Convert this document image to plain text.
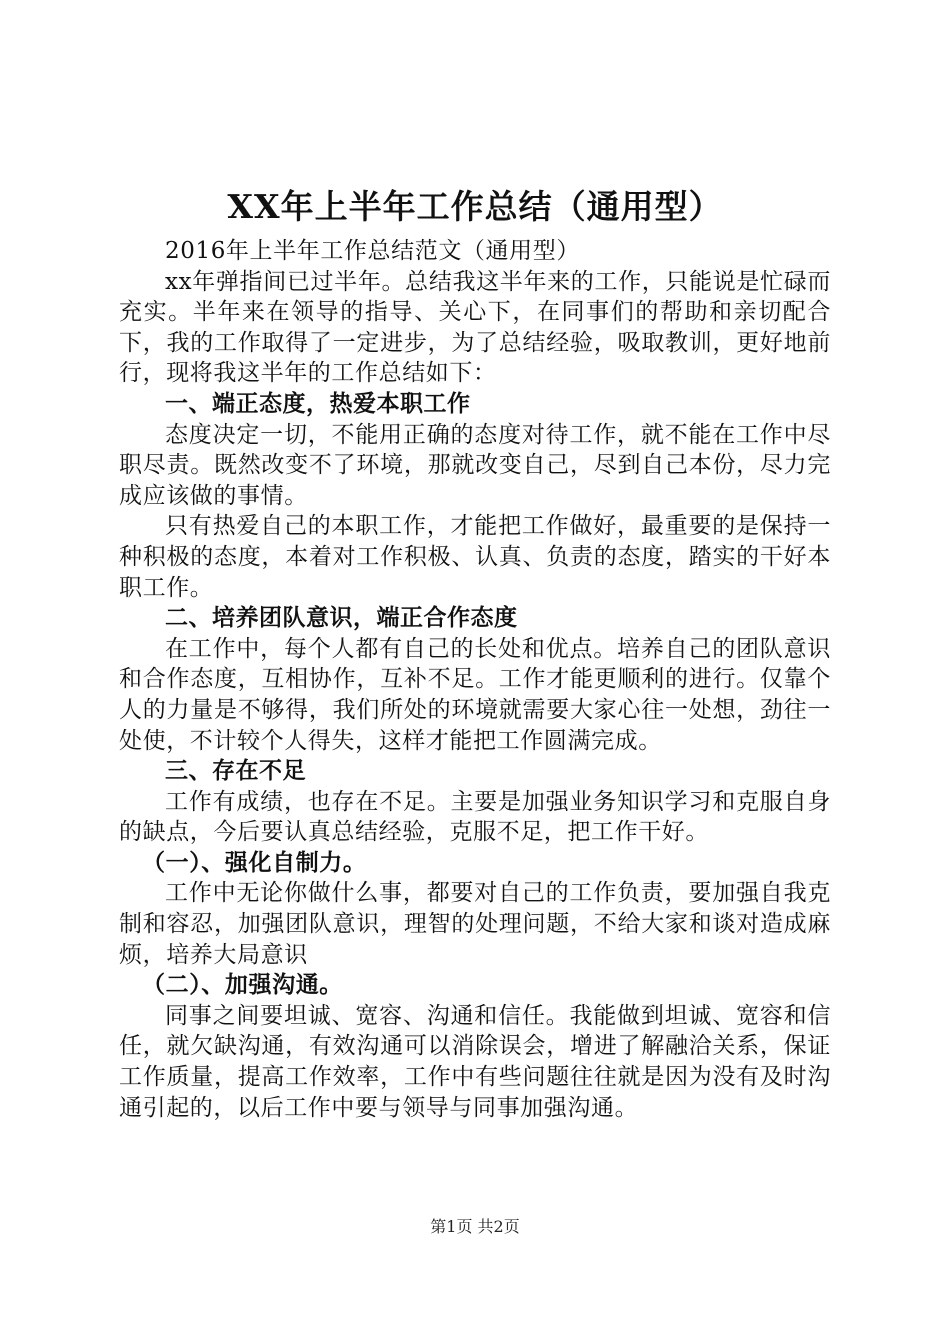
XX年上半年工作总结（通用型）

2016年上半年工作总结范文（通用型）

xx年弹指间已过半年。总结我这半年来的工作，只能说是忙碌而充实。半年来在领导的指导、关心下，在同事们的帮助和亲切配合下，我的工作取得了一定进步，为了总结经验，吸取教训，更好地前行，现将我这半年的工作总结如下：

一、端正态度，热爱本职工作

态度决定一切，不能用正确的态度对待工作，就不能在工作中尽职尽责。既然改变不了环境，那就改变自己，尽到自己本份，尽力完成应该做的事情。

只有热爱自己的本职工作，才能把工作做好，最重要的是保持一种积极的态度，本着对工作积极、认真、负责的态度，踏实的干好本职工作。

二、培养团队意识，端正合作态度

在工作中，每个人都有自己的长处和优点。培养自己的团队意识和合作态度，互相协作，互补不足。工作才能更顺利的进行。仅靠个人的力量是不够得，我们所处的环境就需要大家心往一处想，劲往一处使，不计较个人得失，这样才能把工作圆满完成。

三、存在不足

工作有成绩，也存在不足。主要是加强业务知识学习和克服自身的缺点，今后要认真总结经验，克服不足，把工作干好。

（一）、强化自制力。

工作中无论你做什么事，都要对自己的工作负责，要加强自我克制和容忍，加强团队意识，理智的处理问题，不给大家和谈对造成麻烦，培养大局意识

（二）、加强沟通。

同事之间要坦诚、宽容、沟通和信任。我能做到坦诚、宽容和信任，就欠缺沟通，有效沟通可以消除误会，增进了解融洽关系，保证工作质量，提高工作效率，工作中有些问题往往就是因为没有及时沟通引起的，以后工作中要与领导与同事加强沟通。

第1页 共2页
